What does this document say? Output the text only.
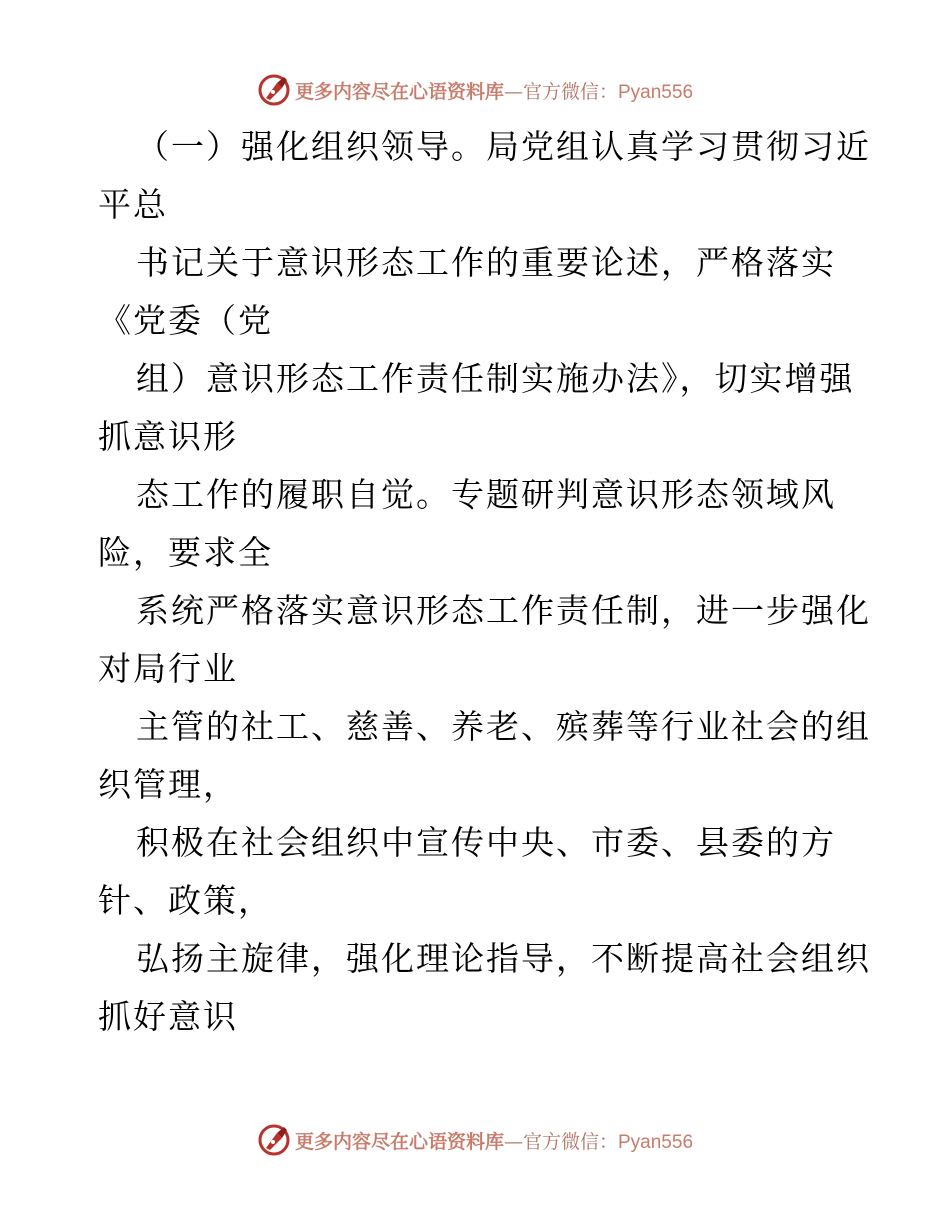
更多内容尽在心语资料库—官方微信：Pyan556
（一）强化组织领导。局党组认真学习贯彻习近
平总
书记关于意识形态工作的重要论述，严格落实
《党委（党
组）意识形态工作责任制实施办法》，切实增强
抓意识形
态工作的履职自觉。专题研判意识形态领域风
险，要求全
系统严格落实意识形态工作责任制，进一步强化
对局行业
主管的社工、慈善、养老、殡葬等行业社会的组
织管理，
积极在社会组织中宣传中央、市委、县委的方
针、政策，
弘扬主旋律，强化理论指导，不断提高社会组织
抓好意识
更多内容尽在心语资料库—官方微信：Pyan556
